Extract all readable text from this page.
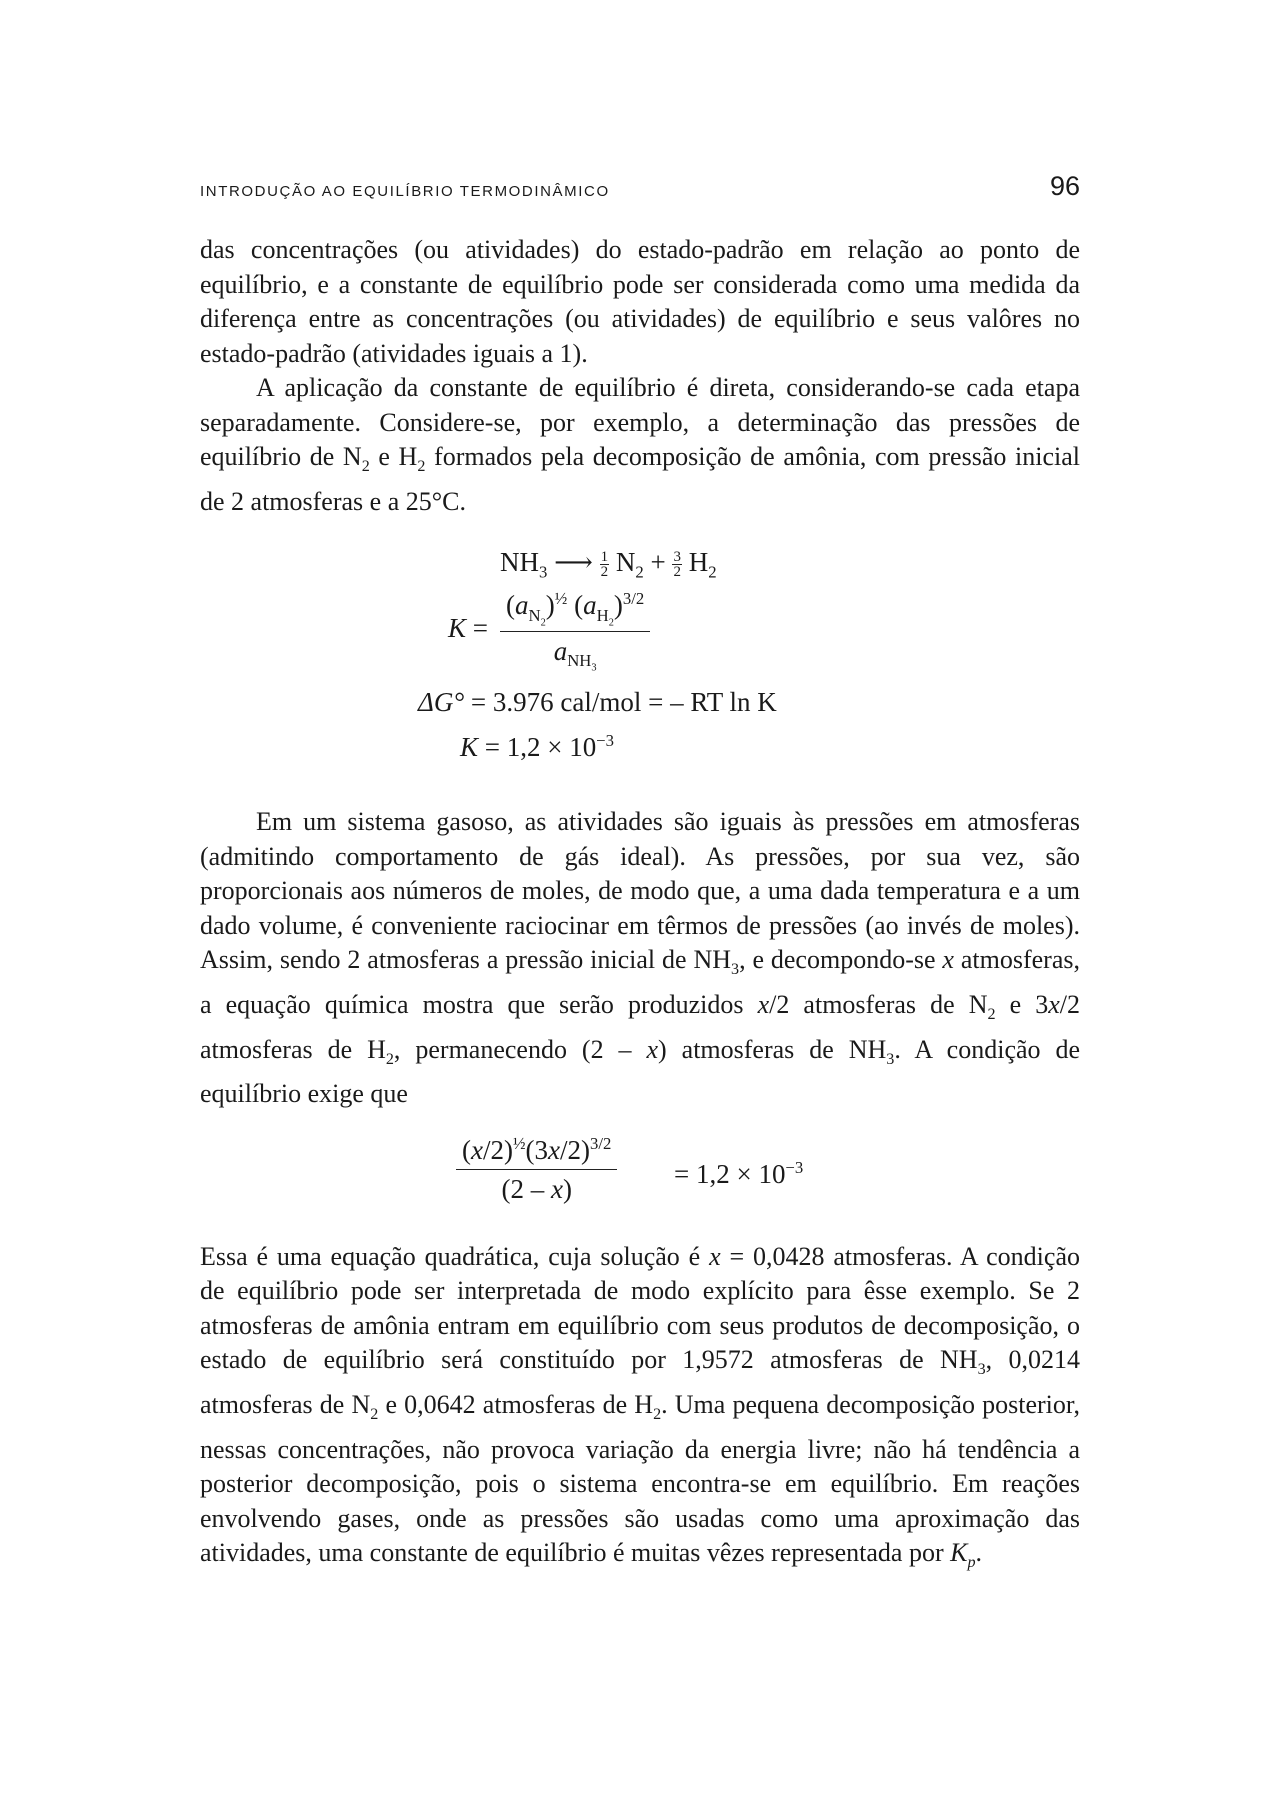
INTRODUÇÃO AO EQUILÍBRIO TERMODINÂMICO	96

das concentrações (ou atividades) do estado-padrão em relação ao ponto de equilíbrio, e a constante de equilíbrio pode ser considerada como uma medida da diferença entre as concentrações (ou atividades) de equilíbrio e seus valôres no estado-padrão (atividades iguais a 1).

A aplicação da constante de equilíbrio é direta, considerando-se cada etapa separadamente. Considere-se, por exemplo, a determinação das pressões de equilíbrio de $N_2$ e $H_2$ formados pela decomposição de amônia, com pressão inicial de 2 atmosferas e a 25°C.

$NH_3$ ⟶ $\frac{1}{2} N_2 + \frac{3}{2} H_2$
K =
$(a_{N_2})^{\frac{1}{2}}$ $(a_{H_2})^{3/2}$
$a_{NH_3}$
ΔG° = 3.976 cal/mol = – RT ln K
$K = 1,2 \times 10^{-3}$

Em um sistema gasoso, as atividades são iguais às pressões em atmosferas (admitindo comportamento de gás ideal). As pressões, por sua vez, são proporcionais aos números de moles, de modo que, a uma dada temperatura e a um dado volume, é conveniente raciocinar em têrmos de pressões (ao invés de moles). Assim, sendo 2 atmosferas a pressão inicial de $NH_3$, e decompondo-se x atmosferas, a equação química mostra que serão produzidos x/2 atmosferas de $N_2$ e 3x/2 atmosferas de $H_2$, permanecendo (2 – x) atmosferas de $NH_3$. A condição de equilíbrio exige que

$\frac{(x/2)^{\frac{1}{2}}(3x/2)^{3/2}}{(2 - x)} = 1,2 \times 10^{-3}$

Essa é uma equação quadrática, cuja solução é x = 0,0428 atmosferas. A condição de equilíbrio pode ser interpretada de modo explícito para êsse exemplo. Se 2 atmosferas de amônia entram em equilíbrio com seus produtos de decomposição, o estado de equilíbrio será constituído por 1,9572 atmosferas de $NH_3$, 0,0214 atmosferas de $N_2$ e 0,0642 atmosferas de $H_2$. Uma pequena decomposição posterior, nessas concentrações, não provoca variação da energia livre; não há tendência a posterior decomposição, pois o sistema encontra-se em equilíbrio. Em reações envolvendo gases, onde as pressões são usadas como uma aproximação das atividades, uma constante de equilíbrio é muitas vêzes representada por $K_p$.
